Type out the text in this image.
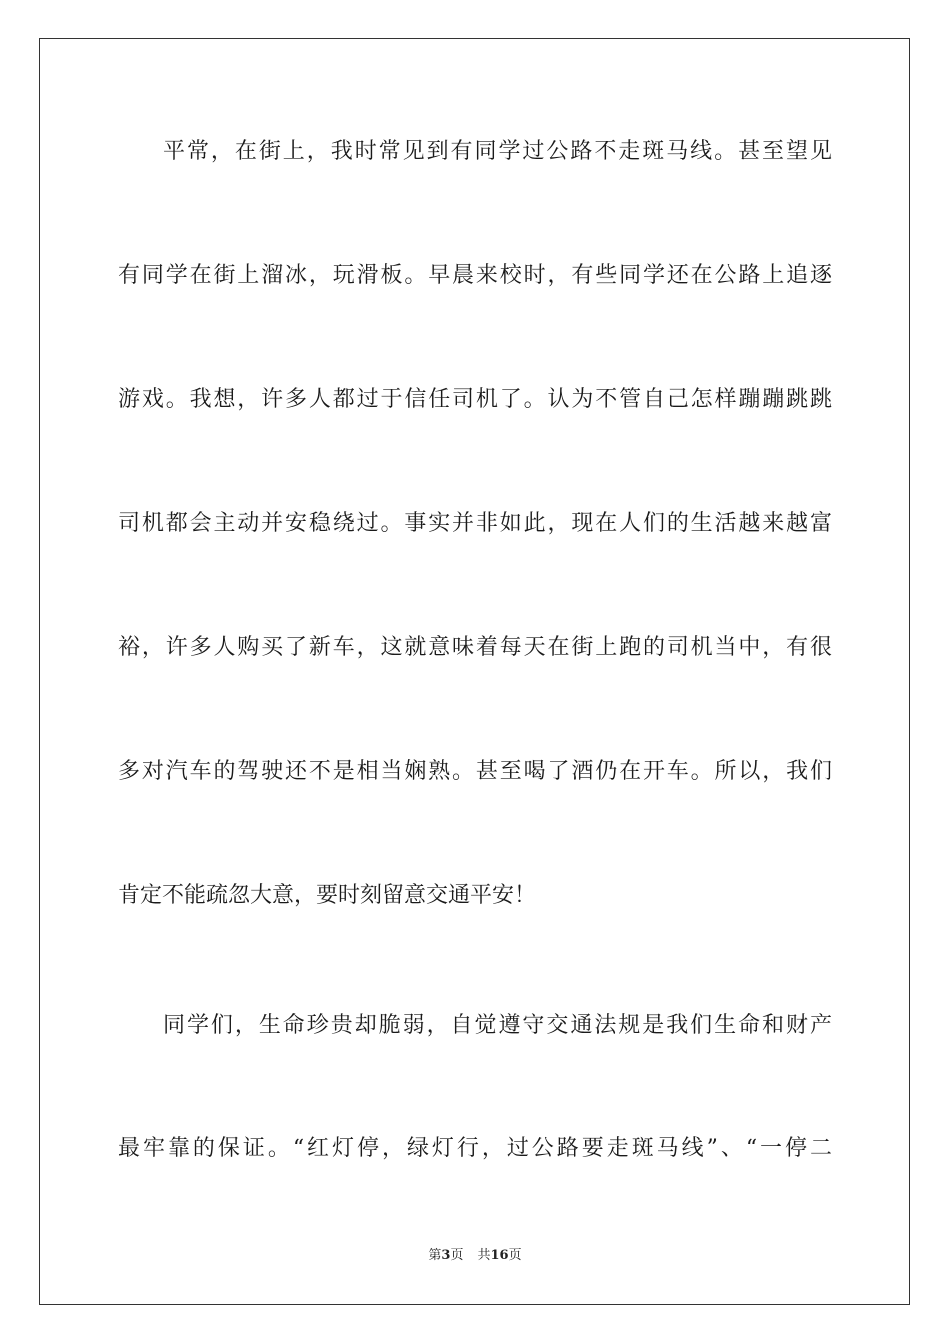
平常，在街上，我时常见到有同学过公路不走斑马线。甚至望见
有同学在街上溜冰，玩滑板。早晨来校时，有些同学还在公路上追逐
游戏。我想，许多人都过于信任司机了。认为不管自己怎样蹦蹦跳跳
司机都会主动并安稳绕过。事实并非如此，现在人们的生活越来越富
裕，许多人购买了新车，这就意味着每天在街上跑的司机当中，有很
多对汽车的驾驶还不是相当娴熟。甚至喝了酒仍在开车。所以，我们
肯定不能疏忽大意，要时刻留意交通平安！
同学们，生命珍贵却脆弱，自觉遵守交通法规是我们生命和财产
最牢靠的保证。“红灯停，绿灯行，过公路要走斑马线”、“一停二
第3页 共16页
